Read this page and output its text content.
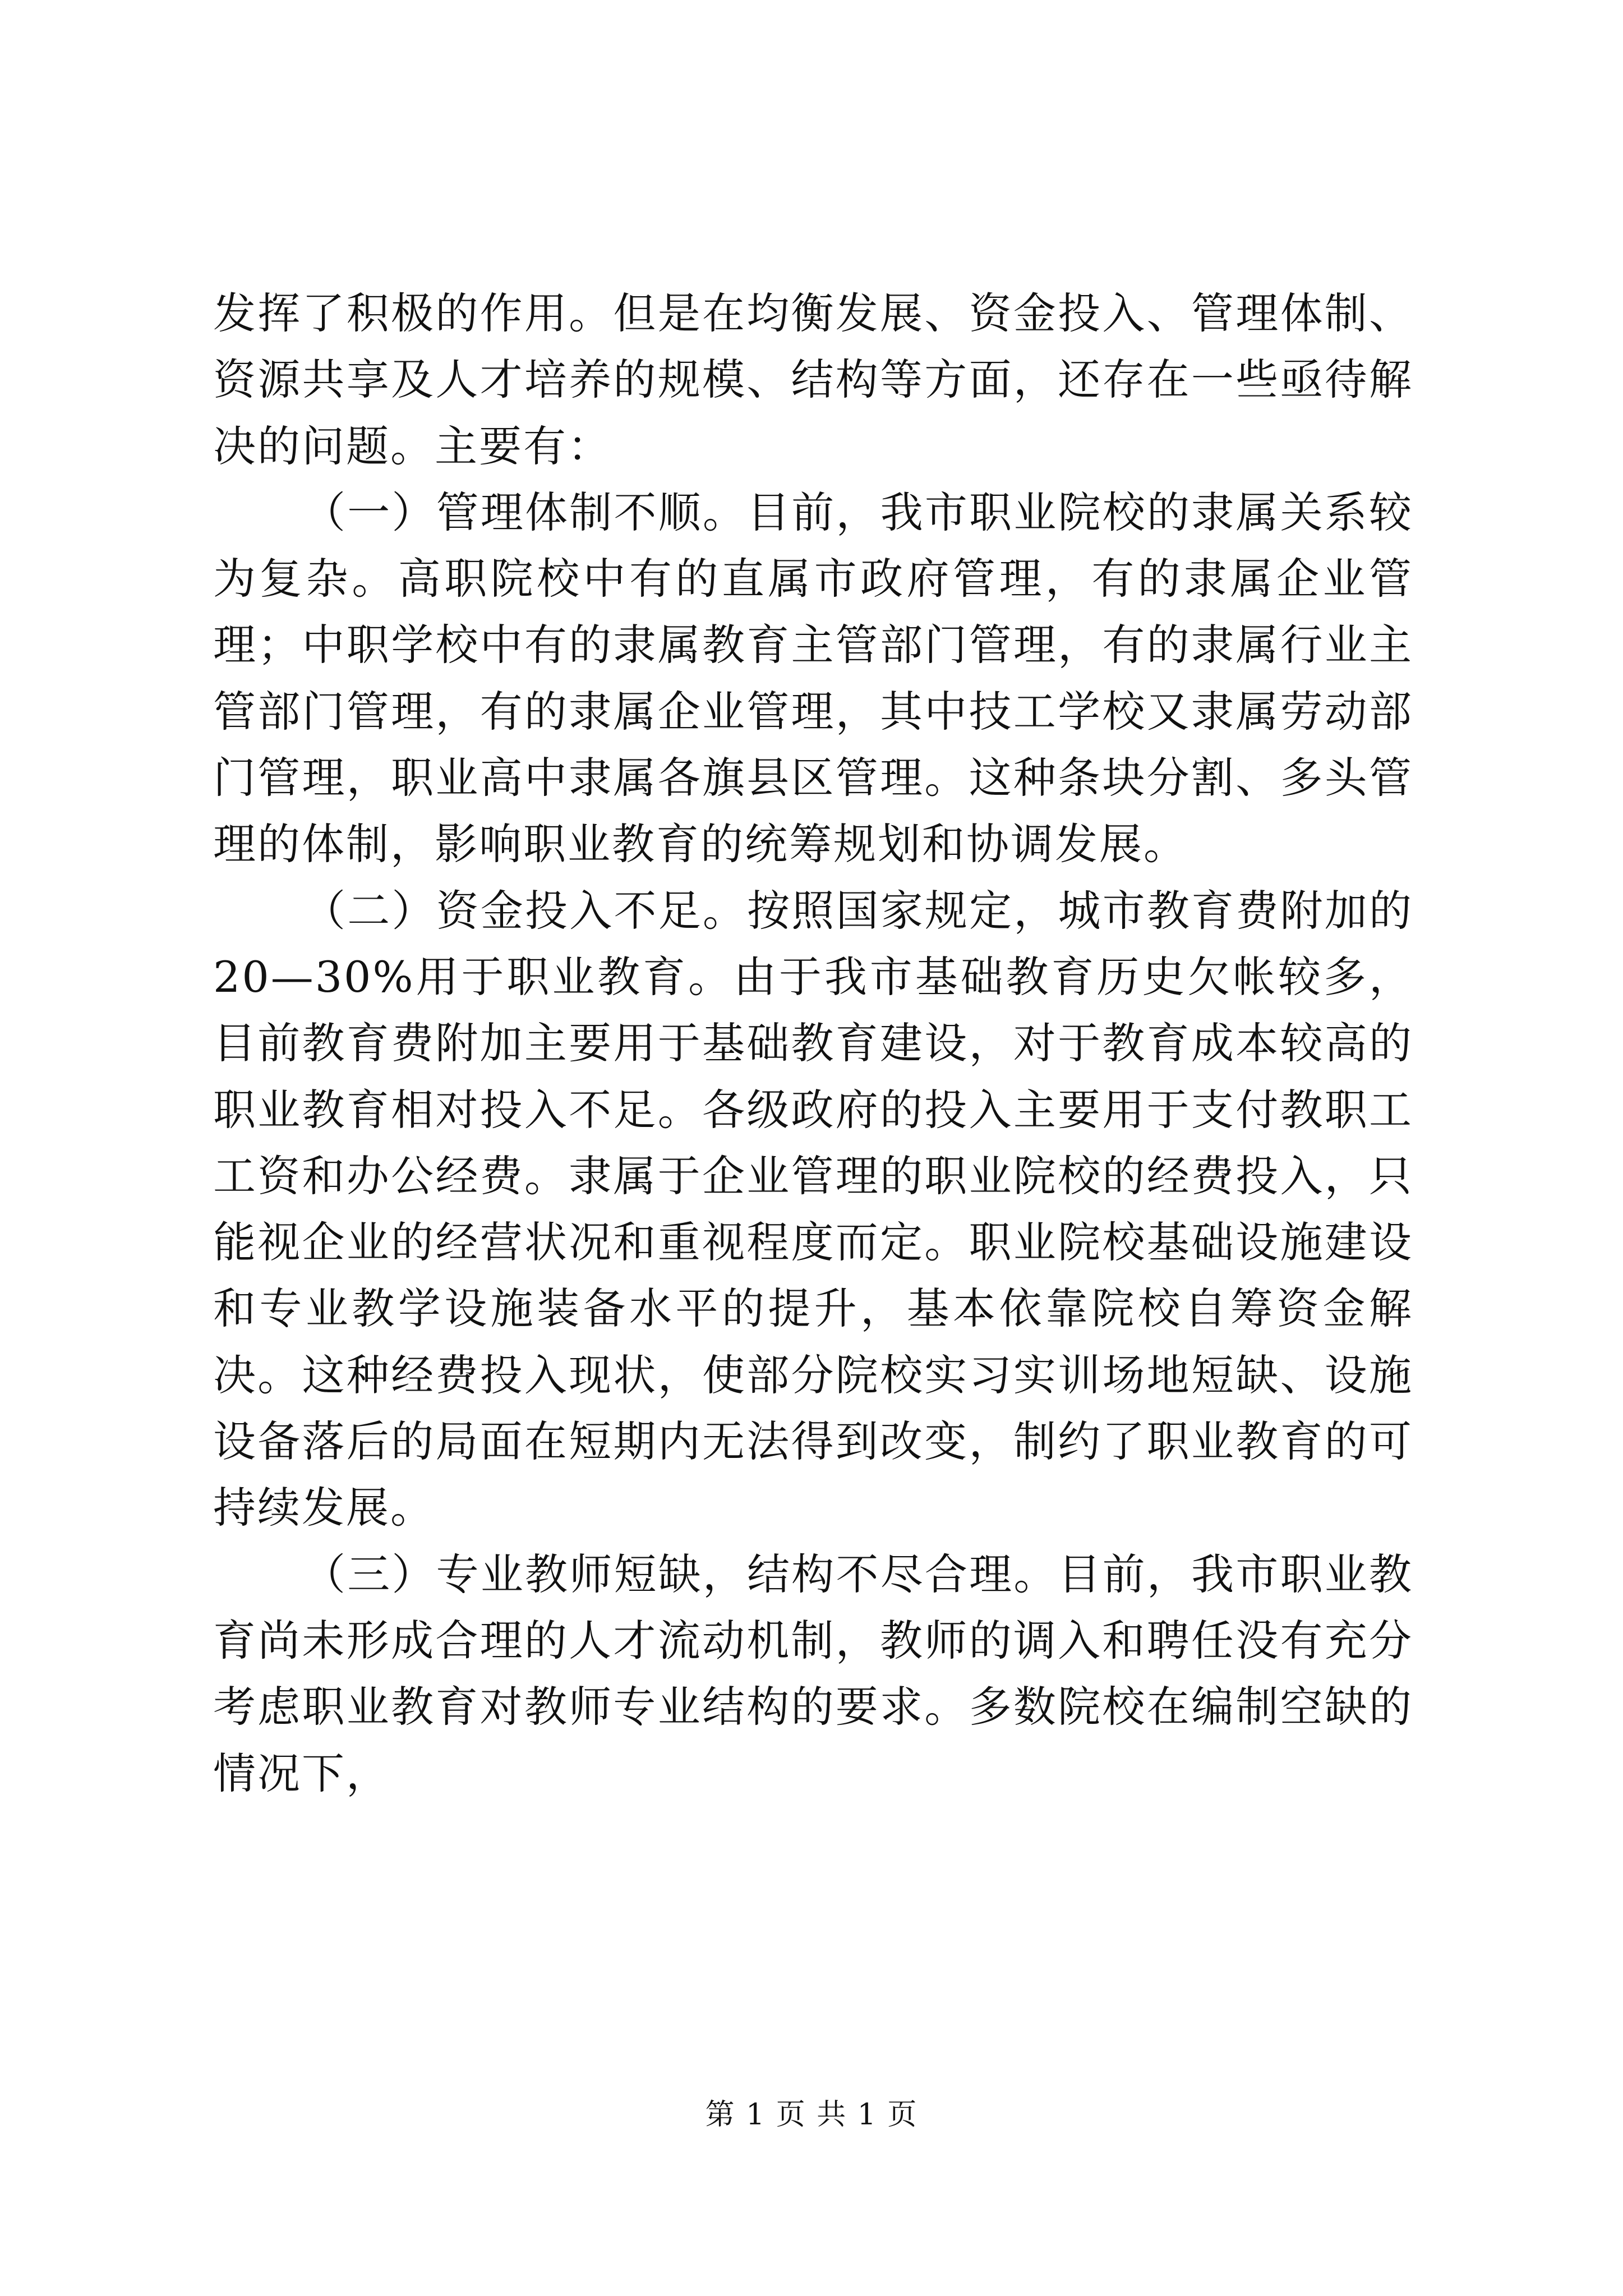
发挥了积极的作用。但是在均衡发展、资金投入、管理体制、资源共享及人才培养的规模、结构等方面，还存在一些亟待解决的问题。主要有：

（一）管理体制不顺。目前，我市职业院校的隶属关系较为复杂。高职院校中有的直属市政府管理，有的隶属企业管理；中职学校中有的隶属教育主管部门管理，有的隶属行业主管部门管理，有的隶属企业管理，其中技工学校又隶属劳动部门管理，职业高中隶属各旗县区管理。这种条块分割、多头管理的体制，影响职业教育的统筹规划和协调发展。

（二）资金投入不足。按照国家规定，城市教育费附加的20—30%用于职业教育。由于我市基础教育历史欠帐较多，目前教育费附加主要用于基础教育建设，对于教育成本较高的职业教育相对投入不足。各级政府的投入主要用于支付教职工工资和办公经费。隶属于企业管理的职业院校的经费投入，只能视企业的经营状况和重视程度而定。职业院校基础设施建设和专业教学设施装备水平的提升，基本依靠院校自筹资金解决。这种经费投入现状，使部分院校实习实训场地短缺、设施设备落后的局面在短期内无法得到改变，制约了职业教育的可持续发展。

（三）专业教师短缺，结构不尽合理。目前，我市职业教育尚未形成合理的人才流动机制，教师的调入和聘任没有充分考虑职业教育对教师专业结构的要求。多数院校在编制空缺的情况下，

第 1 页 共 1 页
